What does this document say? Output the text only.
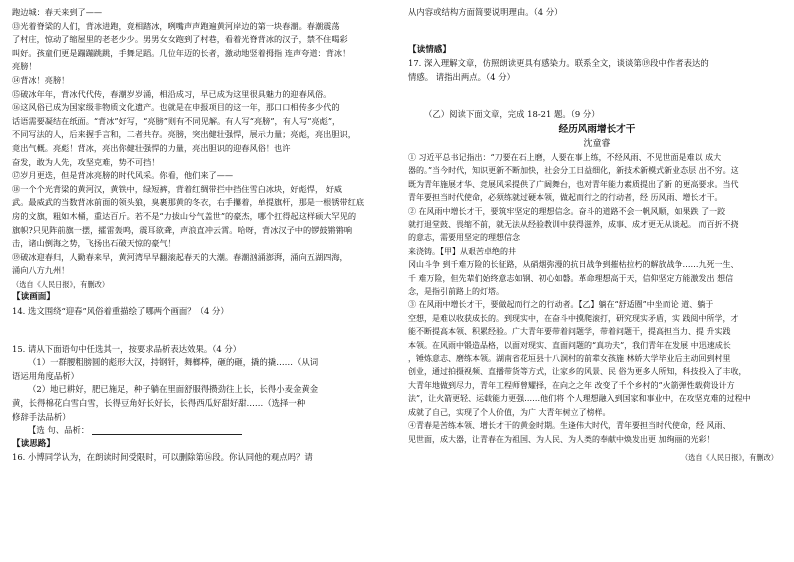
跑边城：春天来到了——
⑬光着脊梁的人们，背冰进跑，竟相踏冰，咧嘴声声跑遍黄河岸边的第一块春潮。春潮震荡
了村庄，惊动了缩屋里的老老少少。男男女女跑到了村巷，看着光脊背冰的汉子，禁不住喝彩
叫好。孩童们更是蹦蹦跳跳，手舞足蹈。几位年迈的长者，激动地竖着拇指 连声夸道：背冰！
亮膀！
⑭背冰！亮膀！
⑮破冰年年，背冰代代传，春潮岁岁涌，相沿成习，早已成为这里很具魅力的迎春风俗。
⑯这风俗已成为国家级非物质文化遗产。也就是在申报项目的这一年，那口口相传多少代的
话语需要凝结在纸面。“背冰”好写，“亮膀”则有不同见解。有人写“亮膀”，有人写“亮彪”，
不同写法的人，后来握手言和，二者共存。亮膀，突出健壮强悍，展示力量；亮彪，亮出胆识，
竟出气概。亮彪！背冰，亮出你健壮强悍的力量，亮出胆识的迎春风俗！也许
奋发，敢为人先，攻坚克难，势不可挡！
⑰岁月更迭，但是背冰亮膀的时代风采。你看，他们来了——
⑱一个个光背梁的黄河汉，黄铁中，绿短裤，背着红绸带拦中挡住雪白冰块，好彪悍， 好威
武。最威武的当数背冰前面的领头狼，臭裹那黄的冬衣，右手攥着，单提旗杆，那是一根锈带红底
房的文旗，粗如木桶，重达百斤。若不是“力拔山兮气盖世”的豪杰，哪个扛得起这样硕大罕见的
旗帜?只见阵前旗一摆，攉雷轰鸣，震耳欲聋，声浪直冲云霄。哈呀，背冰汉子中的锣鼓锵锵响
击，诸山倒海之势，飞扬出石破天惊的豪气！
⑲破冰迎春归，人勤春来早，黄河湾早早翻滚起春天的大潮。春潮汹涌澎湃，涌向五湖四海，
涌向八方九州！
（选自《人民日报》，有删改）
【读画面】
14. 选文围绕“迎春”风俗着重描绘了哪两个画面？（4 分）
15. 请从下面语句中任选其一，按要求品析表达效果。（4 分）
（1）一群腰粗膀圆的彪形大汉，持钢钎，舞榔棒，砸的砸，撬的撬……（从词
语运用角度品析）
（2）地已耕好，肥已施足，种子躺在里面舒服得攒劲往上长，长得小麦金黄金
黄，长得棉花白雪白雪，长得豆角好长好长，长得西瓜好甜好甜……（选择一种
修辞手法品析）
【选 句、品析：
【读思路】
16. 小博同学认为，在朗读时间受限时，可以删除第⑯段。你认同他的观点吗？请
从内容或结构方面简要说明理由。（4 分）
【读情感】
17. 深入理解文章，仿照朗读更具有感染力。联系全文，谈谈第⑲段中作者表达的
情感。 请指出两点。（4 分）
（乙）阅读下面文章，完成 18-21 题。（9 分）
经历风雨增长才干
沈童睿
① 习近平总书记指出：“刀要在石上磨，人要在事上练，不经风雨、不见世面是难以 成大
器的。”当今时代，知识更新不断加快，社会分工日益细化，新技术新模式新业态层 出不穷。这
既为青年施展才华、竞展风采提供了广阔舞台，也对青年能力素质提出了新 的更高要求。当代
青年要担当时代使命，必须练就过硬本领，做起而行之的行动者，经 历风雨、增长才干。
② 在风雨中增长才干，要筑牢坚定的理想信念。奋斗的道路不会一帆风顺，如果跌 了一跤
就打退堂鼓、畏缩不前，就无法从经验教训中获得滋养，成事、成才更无从谈起。 而百折不挠
的意志，需要用坚定的理想信念
来浇铸。【甲】从艰苦卓绝的井
冈山斗争 到千难万险的长征路，从硝烟弥漫的抗日战争到摧枯拉朽的解放战争……九死一生、
千 难万险，但先辈们始终意志如钢、初心如磐。革命理想高于天，信仰坚定方能激发出 想信
念，是指引前路上的灯塔。
③ 在风雨中增长才干，要做起而行之的行动者。【乙】躺在“舒适圈”中坐而论 道、躺于
空想，是难以收获成长的。到现实中，在奋斗中摸爬滚打，研究现实矛盾，实 践阅中所学，才
能不断提高本领、积累经验。广大青年要带着问题学，带着问题干，提高担当力、提 升实践
本领。在风雨中锻造品格，以面对现实、直面问题的“真功夫”，我们青年在发展 中迅速成长
，锤炼意志、磨练本领。湖南省花垣县十八洞村的前辈女孩施 林娇大学毕业后主动回到村里
创业，通过拍摄视频、直播带货等方式，让家乡的风景、民 俗为更多人所知，科技投入了丰收，
大青年地做到尽力，青年工程师曾耀择，在向之之年 改变了千个乡村的“火箭弹性载荷设计方
法”，让火箭更轻、运载能力更强……他们将 个人理想融入到国家和事业中，在攻坚克难的过程中
成就了自己，实现了个人价值，为广 大青年树立了榜样。
④青春是苦练本领、增长才干的黄金时期。生逢伟大时代，青年要担当时代使命，经 风雨、
见世面，成大器，让青春在为祖国、为人民、为人类的奉献中焕发出更 加绚丽的光彩！
（选自《人民日报》，有删改）
